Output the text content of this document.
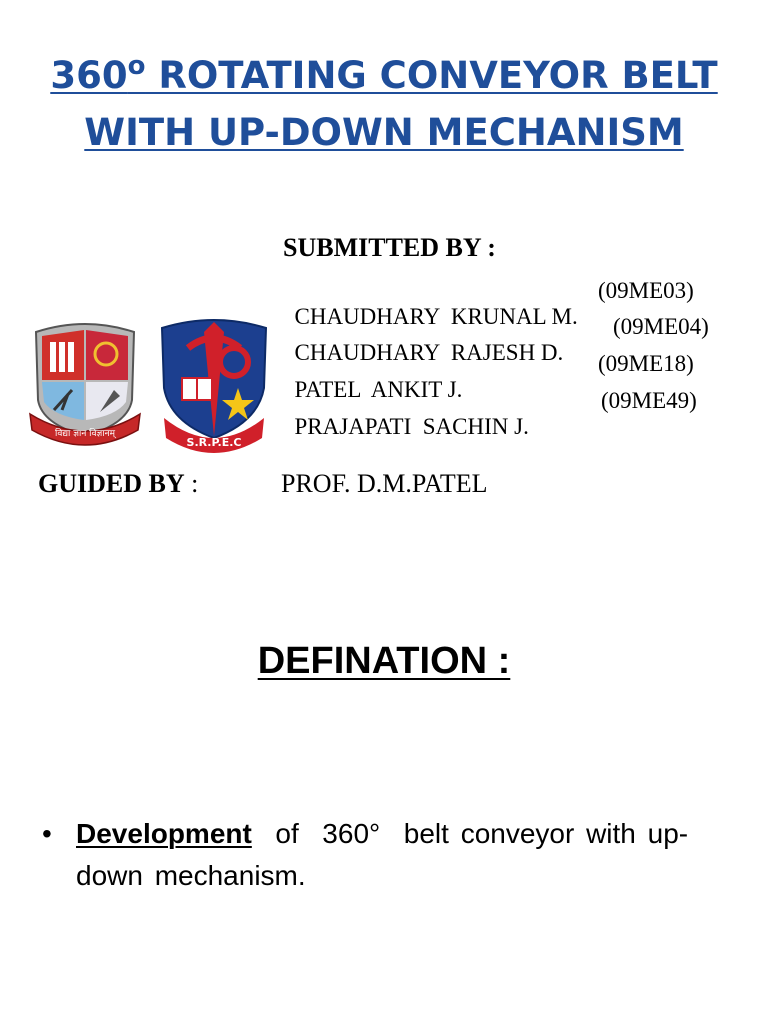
360$^o$ ROTATING CONVEYOR BELT
WITH UP-DOWN MECHANISM
SUBMITTED BY :

CHAUDHARY  KRUNAL M.
(09ME03)

CHAUDHARY  RAJESH D.
(09ME04)

PATEL  ANKIT J.
(09ME18)

PRAJAPATI  SACHIN J.
(09ME49)

विद्या ज्ञान विज्ञानम्
S.R.P.E.C
GUIDED BY :	PROF. D.M.PATEL
DEFINATION :
• Development  of  360°  belt conveyor with up-down mechanism.
